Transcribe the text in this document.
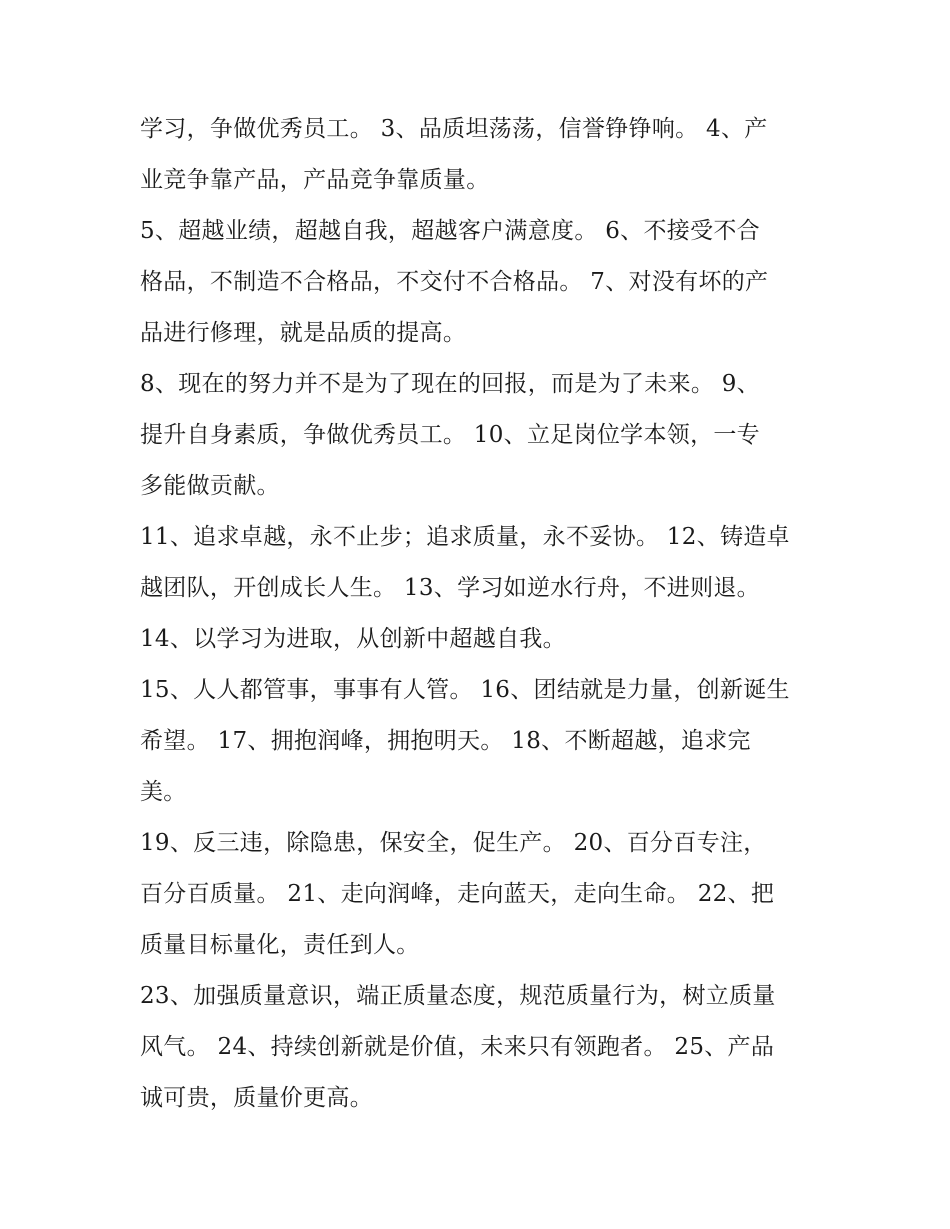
学习，争做优秀员工。 3、品质坦荡荡，信誉铮铮响。 4、产
业竞争靠产品，产品竞争靠质量。
5、超越业绩，超越自我，超越客户满意度。 6、不接受不合
格品，不制造不合格品，不交付不合格品。 7、对没有坏的产
品进行修理，就是品质的提高。
8、现在的努力并不是为了现在的回报，而是为了未来。 9、
提升自身素质，争做优秀员工。 10、立足岗位学本领，一专
多能做贡献。
11、追求卓越，永不止步；追求质量，永不妥协。 12、铸造卓
越团队，开创成长人生。 13、学习如逆水行舟，不进则退。
14、以学习为进取，从创新中超越自我。
15、人人都管事，事事有人管。 16、团结就是力量，创新诞生
希望。 17、拥抱润峰，拥抱明天。 18、不断超越，追求完
美。
19、反三违，除隐患，保安全，促生产。 20、百分百专注，
百分百质量。 21、走向润峰，走向蓝天，走向生命。 22、把
质量目标量化，责任到人。
23、加强质量意识，端正质量态度，规范质量行为，树立质量
风气。 24、持续创新就是价值，未来只有领跑者。 25、产品
诚可贵，质量价更高。
